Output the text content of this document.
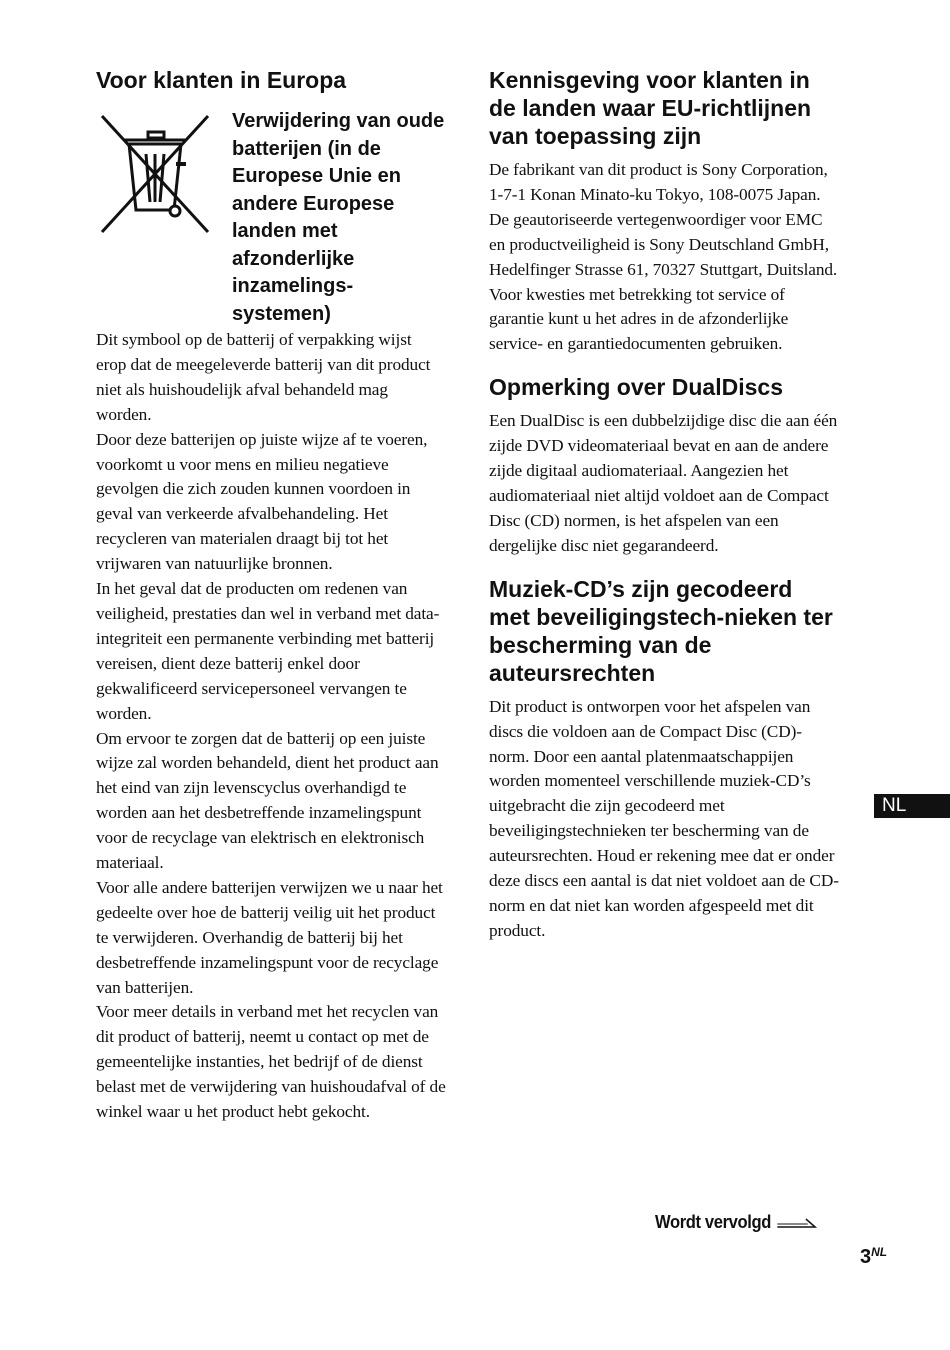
Voor klanten in Europa
Verwijdering van oude batterijen (in de Europese Unie en andere Europese landen met afzonderlijke inzamelings-systemen)

Dit symbool op de batterij of verpakking wijst erop dat de meegeleverde batterij van dit product niet als huishoudelijk afval behandeld mag worden.

Door deze batterijen op juiste wijze af te voeren, voorkomt u voor mens en milieu negatieve gevolgen die zich zouden kunnen voordoen in geval van verkeerde afvalbehandeling. Het recycleren van materialen draagt bij tot het vrijwaren van natuurlijke bronnen.

In het geval dat de producten om redenen van veiligheid, prestaties dan wel in verband met data-integriteit een permanente verbinding met batterij vereisen, dient deze batterij enkel door gekwalificeerd servicepersoneel vervangen te worden.

Om ervoor te zorgen dat de batterij op een juiste wijze zal worden behandeld, dient het product aan het eind van zijn levenscyclus overhandigd te worden aan het desbetreffende inzamelingspunt voor de recyclage van elektrisch en elektronisch materiaal.

Voor alle andere batterijen verwijzen we u naar het gedeelte over hoe de batterij veilig uit het product te verwijderen. Overhandig de batterij bij het desbetreffende inzamelingspunt voor de recyclage van batterijen.

Voor meer details in verband met het recyclen van dit product of batterij, neemt u contact op met de gemeentelijke instanties, het bedrijf of de dienst belast met de verwijdering van huishoudafval of de winkel waar u het product hebt gekocht.

Kennisgeving voor klanten in de landen waar EU-richtlijnen van toepassing zijn

De fabrikant van dit product is Sony Corporation, 1-7-1 Konan Minato-ku Tokyo, 108-0075 Japan. De geautoriseerde vertegenwoordiger voor EMC en productveiligheid is Sony Deutschland GmbH, Hedelfinger Strasse 61, 70327 Stuttgart, Duitsland. Voor kwesties met betrekking tot service of garantie kunt u het adres in de afzonderlijke service- en garantiedocumenten gebruiken.

Opmerking over DualDiscs

Een DualDisc is een dubbelzijdige disc die aan één zijde DVD videomateriaal bevat en aan de andere zijde digitaal audiomateriaal. Aangezien het audiomateriaal niet altijd voldoet aan de Compact Disc (CD) normen, is het afspelen van een dergelijke disc niet gegarandeerd.

Muziek-CD’s zijn gecodeerd met beveiligingstech-nieken ter bescherming van de auteursrechten

Dit product is ontworpen voor het afspelen van discs die voldoen aan de Compact Disc (CD)-norm. Door een aantal platenmaatschappijen worden momenteel verschillende muziek-CD’s uitgebracht die zijn gecodeerd met beveiligingstechnieken ter bescherming van de auteursrechten. Houd er rekening mee dat er onder deze discs een aantal is dat niet voldoet aan de CD-norm en dat niet kan worden afgespeeld met dit product.

NL
Wordt vervolgd
$3^{NL}$
